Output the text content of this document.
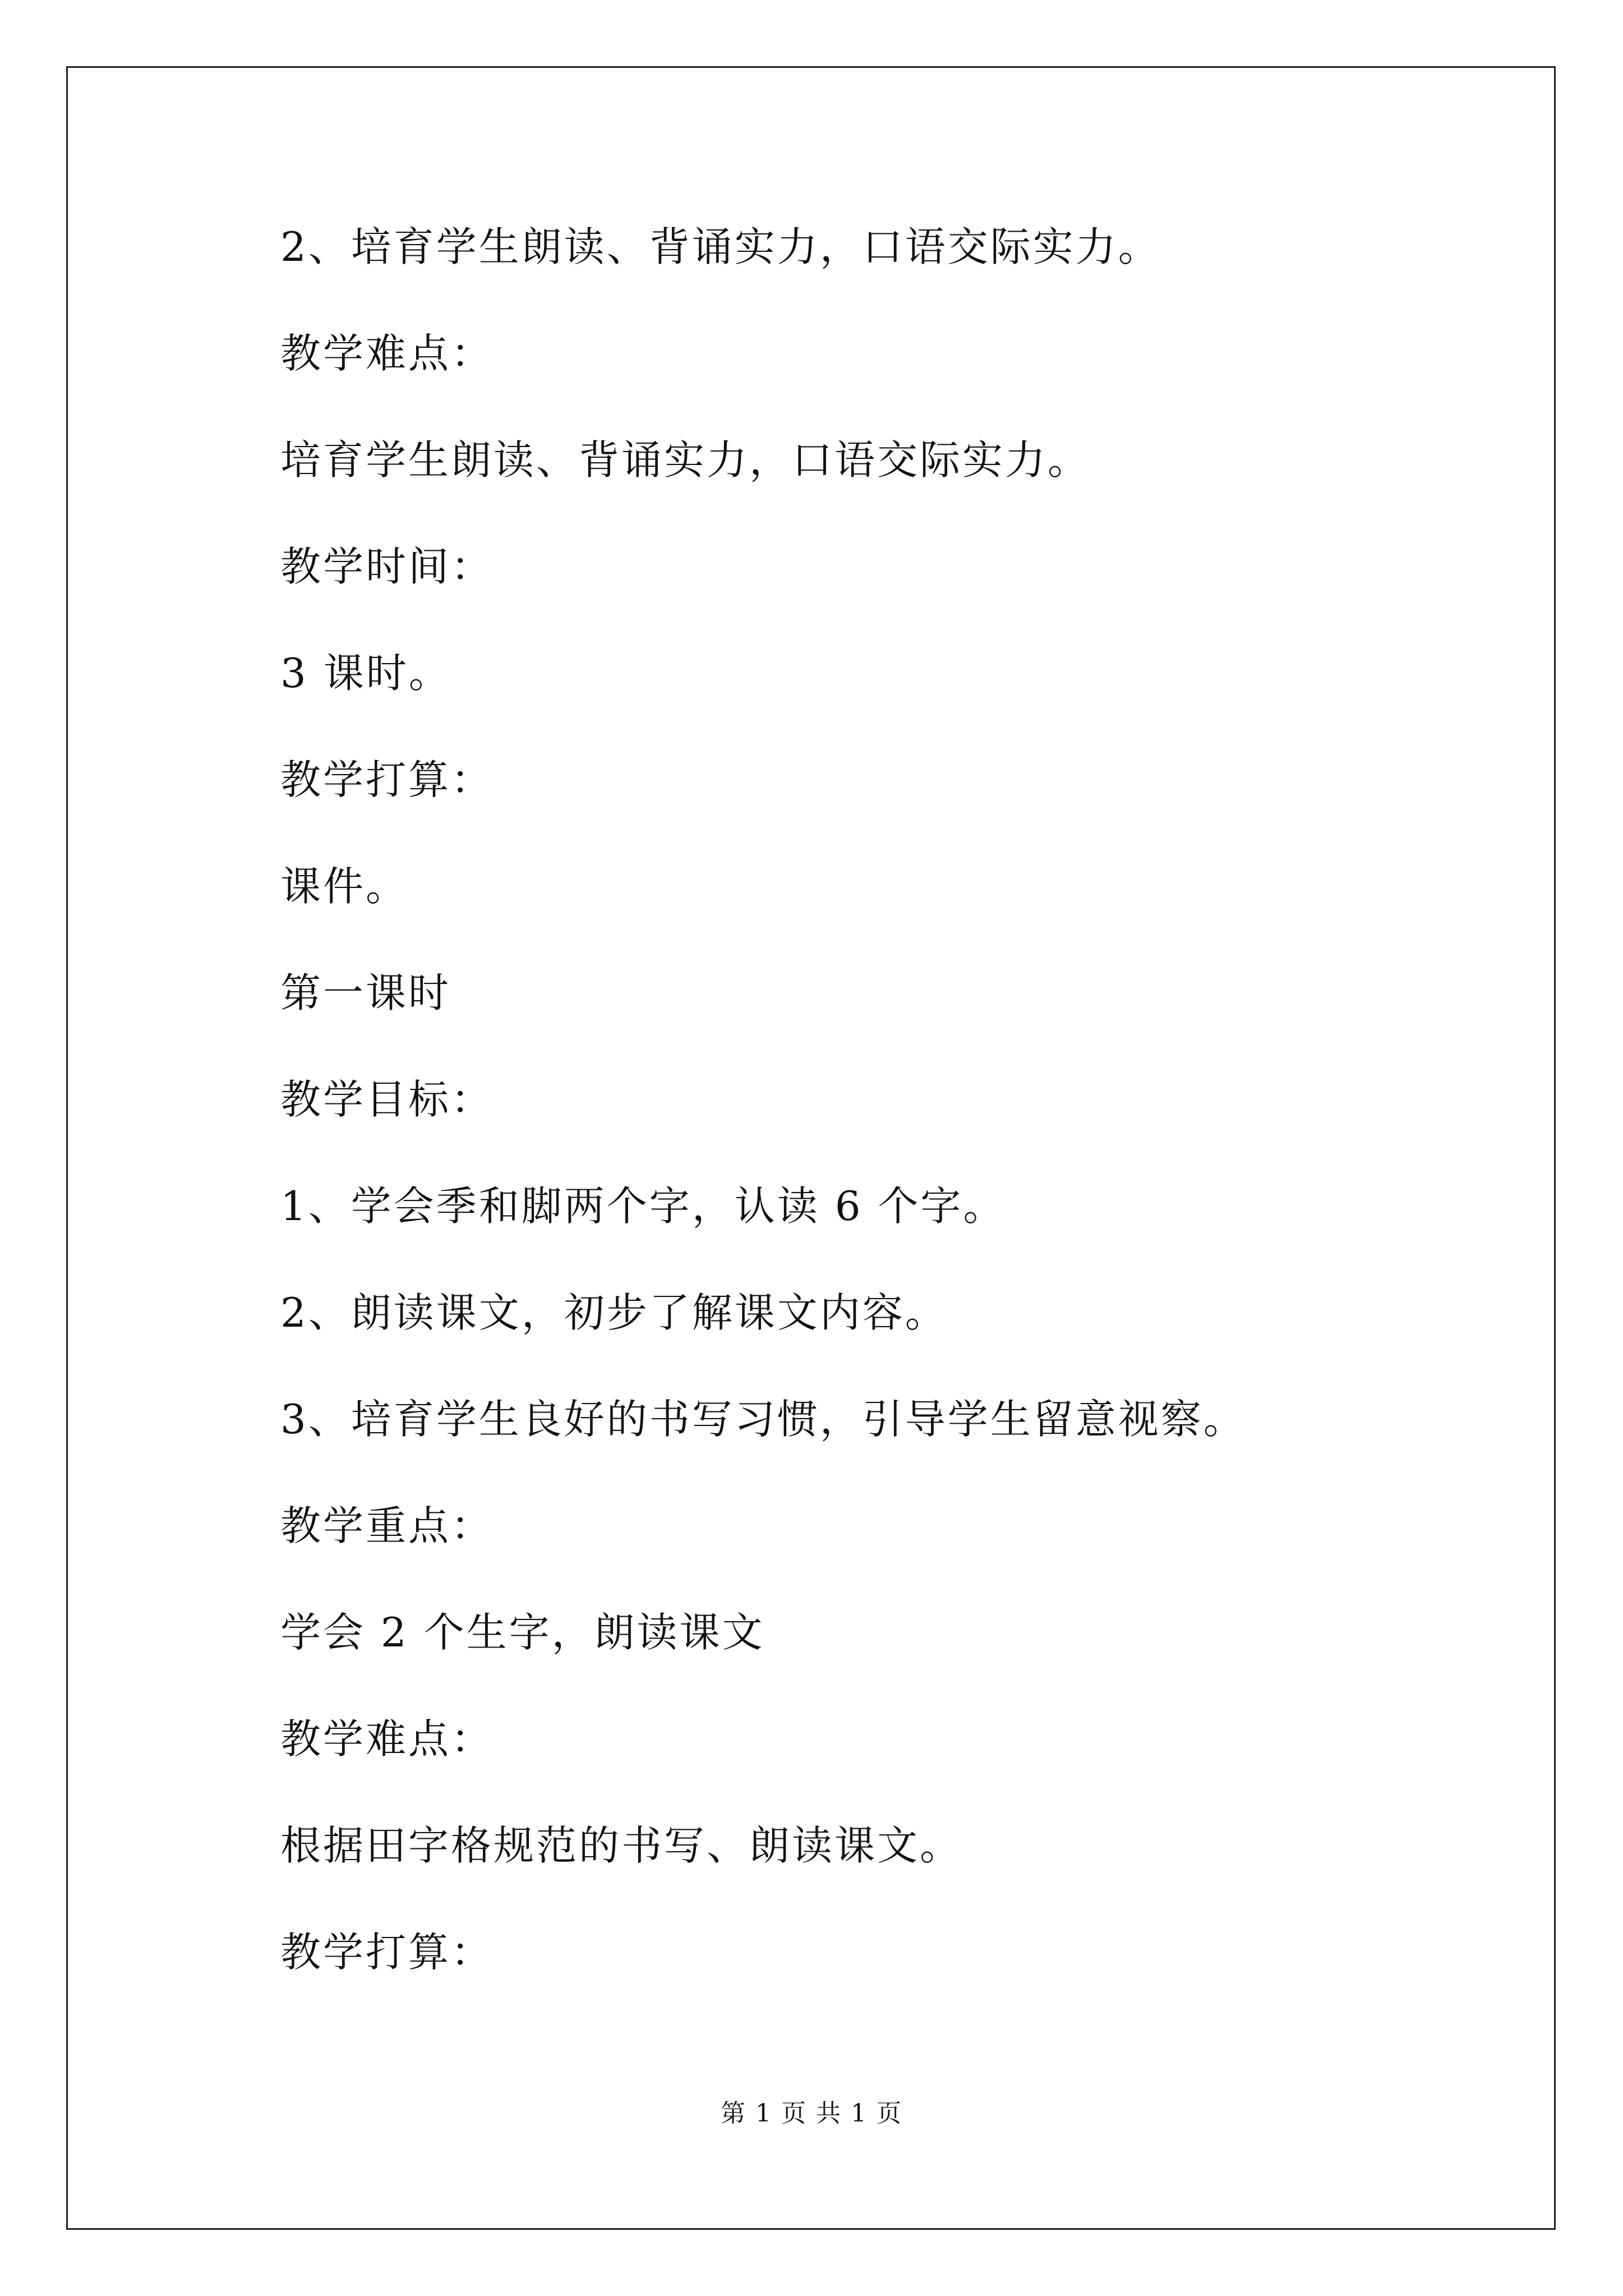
2、培育学生朗读、背诵实力，口语交际实力。
教学难点：
培育学生朗读、背诵实力，口语交际实力。
教学时间：
3 课时。
教学打算：
课件。
第一课时
教学目标：
1、学会季和脚两个字，认读 6 个字。
2、朗读课文，初步了解课文内容。
3、培育学生良好的书写习惯，引导学生留意视察。
教学重点：
学会 2 个生字，朗读课文
教学难点：
根据田字格规范的书写、朗读课文。
教学打算：
第 1 页 共 1 页
